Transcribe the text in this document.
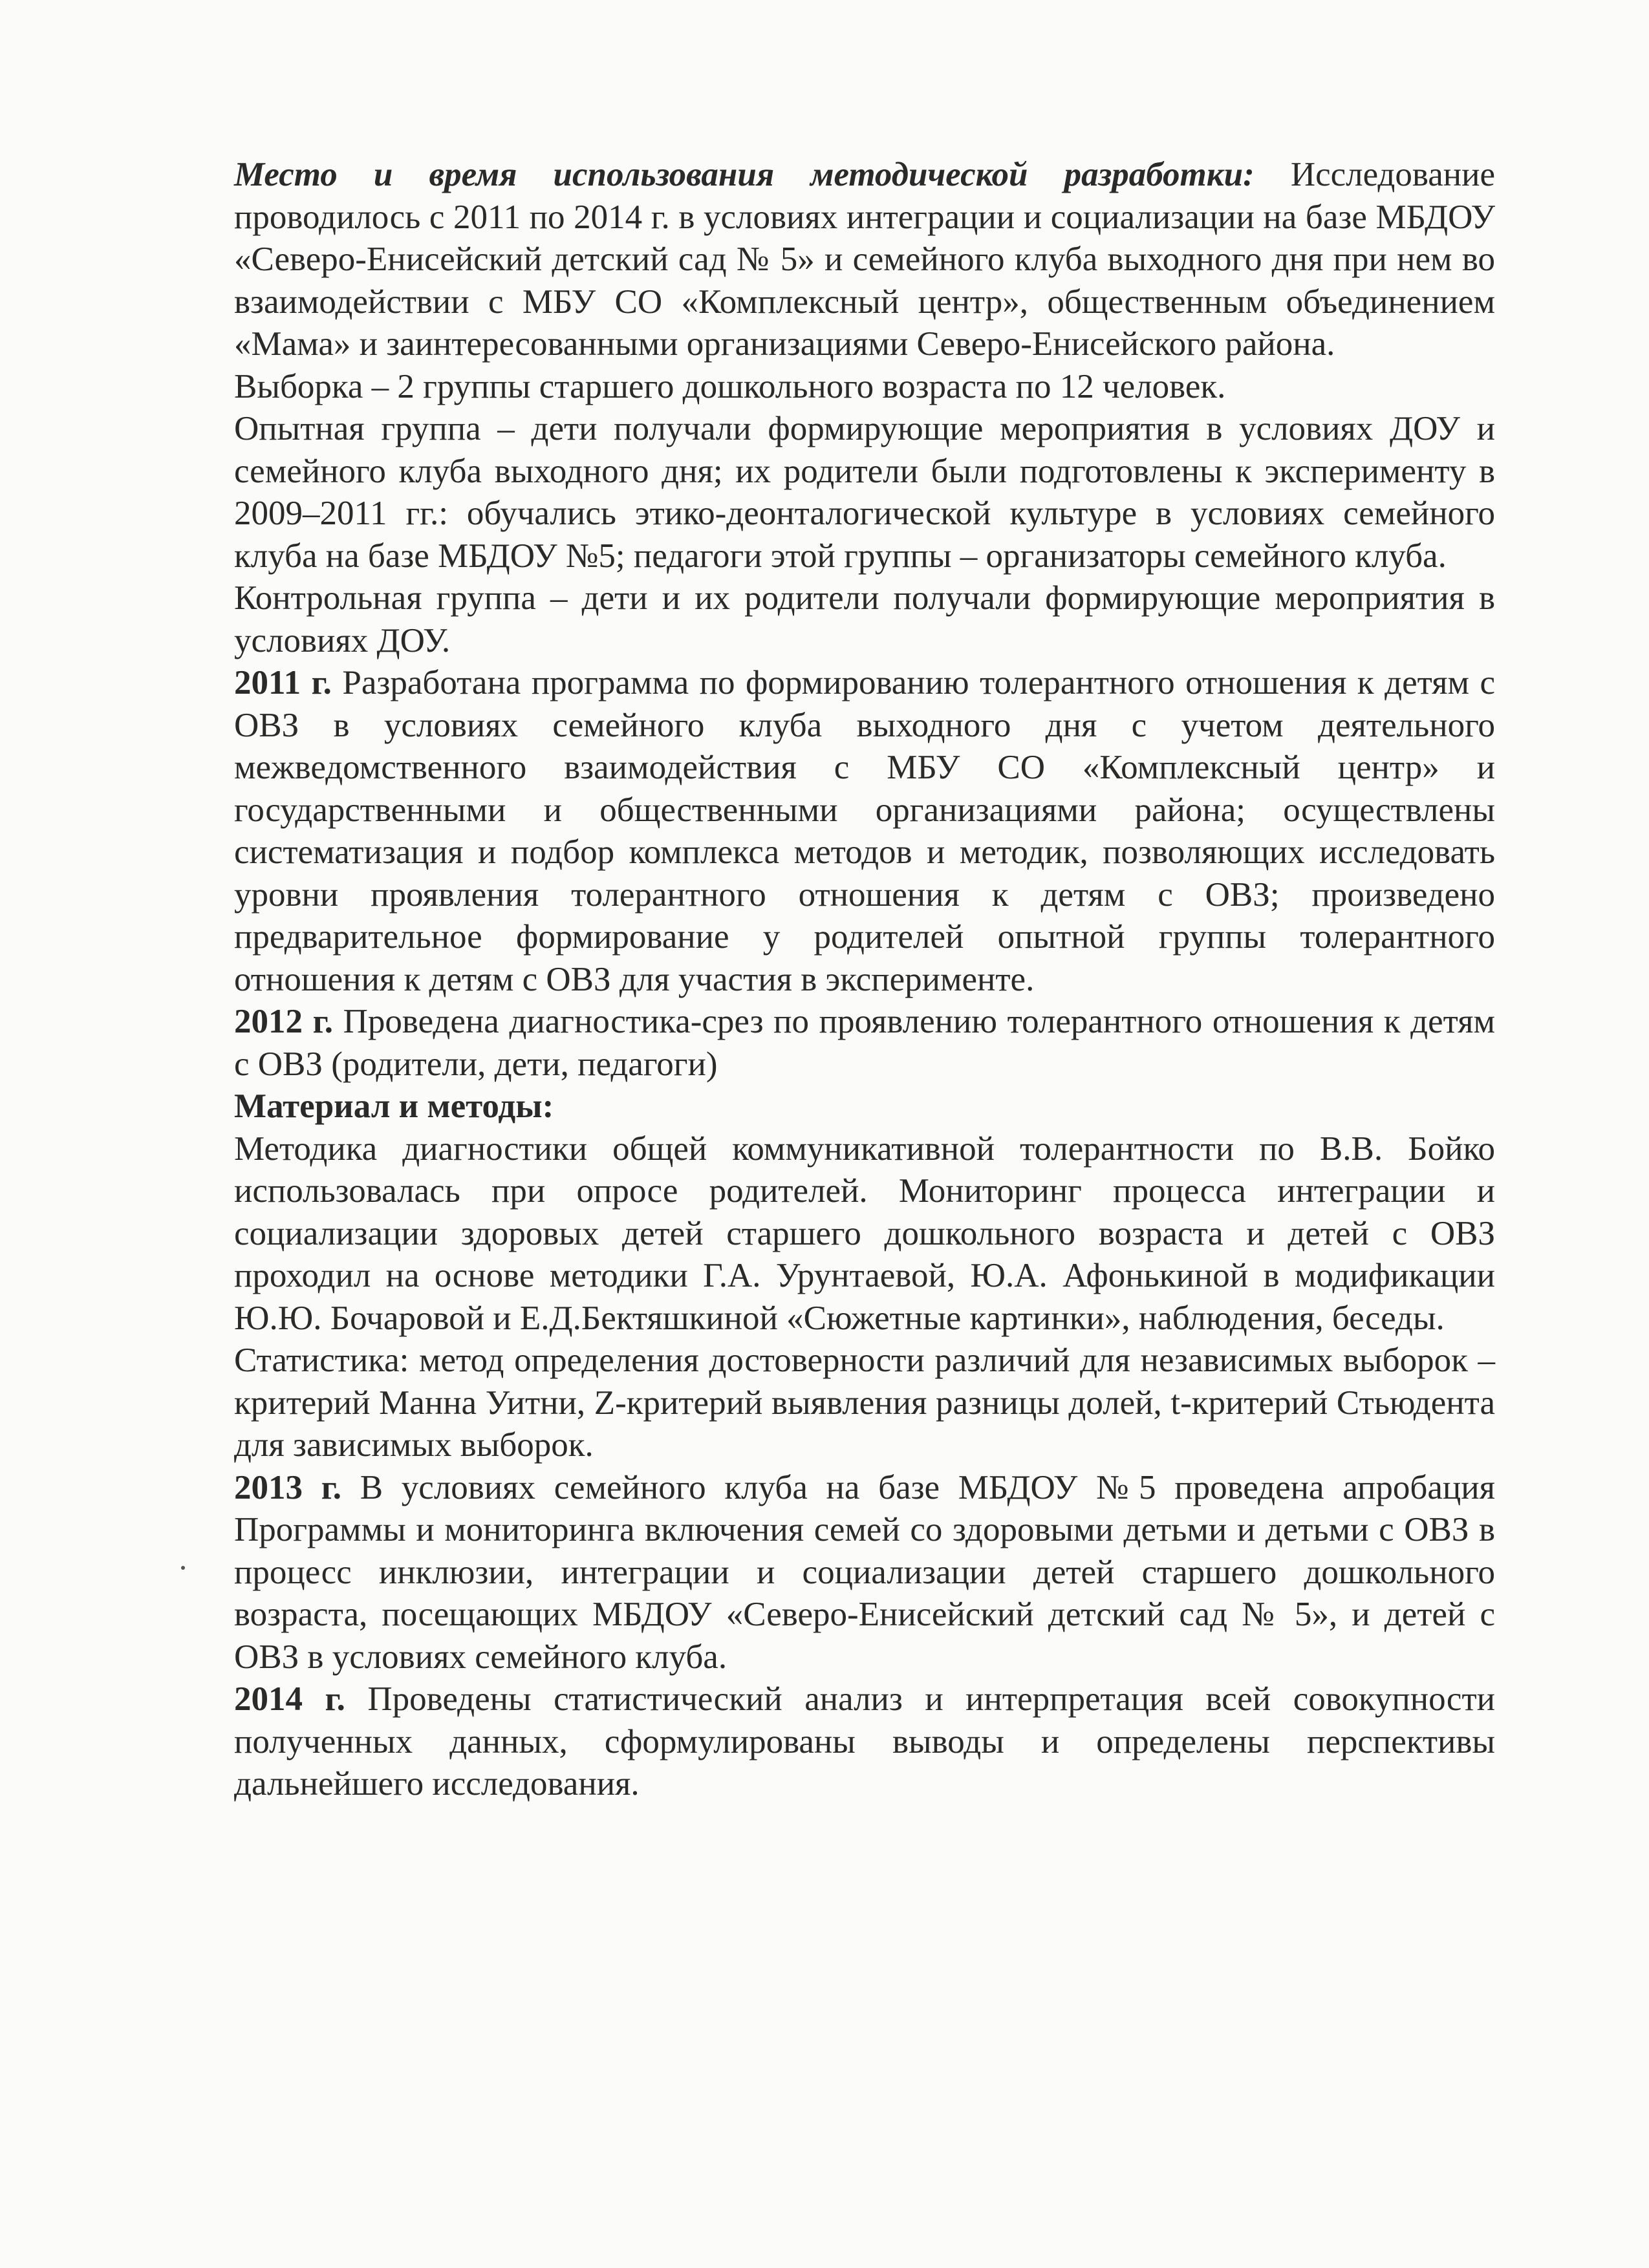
Место и время использования методической разработки: Исследование проводилось с 2011 по 2014 г. в условиях интеграции и социализации на базе МБДОУ «Северо-Енисейский детский сад № 5» и семейного клуба выходного дня при нем во взаимодействии с МБУ СО «Комплексный центр», общественным объединением «Мама» и заинтересованными организациями Северо-Енисейского района.

Выборка – 2 группы старшего дошкольного возраста по 12 человек.

Опытная группа – дети получали формирующие мероприятия в условиях ДОУ и семейного клуба выходного дня; их родители были подготовлены к эксперименту в 2009–2011 гг.: обучались этико-деонталогической культуре в условиях семейного клуба на базе МБДОУ №5; педагоги этой группы – организаторы семейного клуба.

Контрольная группа – дети и их родители получали формирующие мероприятия в условиях ДОУ.

2011 г. Разработана программа по формированию толерантного отношения к детям с ОВЗ в условиях семейного клуба выходного дня с учетом деятельного межведомственного взаимодействия с МБУ СО «Комплексный центр» и государственными и общественными организациями района; осуществлены систематизация и подбор комплекса методов и методик, позволяющих исследовать уровни проявления толерантного отношения к детям с ОВЗ; произведено предварительное формирование у родителей опытной группы толерантного отношения к детям с ОВЗ для участия в эксперименте.

2012 г. Проведена диагностика-срез по проявлению толерантного отношения к детям с ОВЗ (родители, дети, педагоги)

Материал и методы:

Методика диагностики общей коммуникативной толерантности по В.В. Бойко использовалась при опросе родителей. Мониторинг процесса интеграции и социализации здоровых детей старшего дошкольного возраста и детей с ОВЗ проходил на основе методики Г.А. Урунтаевой, Ю.А. Афонькиной в модификации Ю.Ю. Бочаровой и Е.Д.Бектяшкиной «Сюжетные картинки», наблюдения, беседы.

Статистика: метод определения достоверности различий для независимых выборок – критерий Манна Уитни, Z-критерий выявления разницы долей, t-критерий Стьюдента для зависимых выборок.

2013 г. В условиях семейного клуба на базе МБДОУ №5 проведена апробация Программы и мониторинга включения семей со здоровыми детьми и детьми с ОВЗ в процесс инклюзии, интеграции и социализации детей старшего дошкольного возраста, посещающих МБДОУ «Северо-Енисейский детский сад № 5», и детей с ОВЗ в условиях семейного клуба.

2014 г. Проведены статистический анализ и интерпретация всей совокупности полученных данных, сформулированы выводы и определены перспективы дальнейшего исследования.
